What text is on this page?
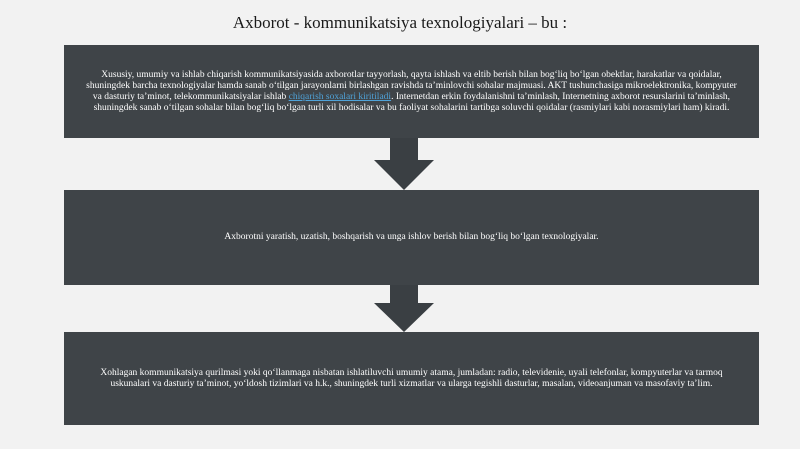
Axborot - kommunikatsiya texnologiyalari – bu :

Xususiy, umumiy va ishlab chiqarish kommunikatsiyasida axborotlar tayyorlash, qayta ishlash va eltib berish bilan bog‘liq bo‘lgan obektlar, harakatlar va qoidalar, shuningdek barcha texnologiyalar hamda sanab o‘tilgan jarayonlarni birlashgan ravishda ta’minlovchi sohalar majmuasi. AKT tushunchasiga mikroelektronika, kompyuter va dasturiy ta’minot, telekommunikatsiyalar ishlab chiqarish soxalari kiritiladi. Internetdan erkin foydalanishni ta’minlash, Internetning axborot resurslarini ta’minlash, shuningdek sanab o‘tilgan sohalar bilan bog‘liq bo‘lgan turli xil hodisalar va bu faoliyat sohalarini tartibga soluvchi qoidalar (rasmiylari kabi norasmiylari ham) kiradi.

Axborotni yaratish, uzatish, boshqarish va unga ishlov berish bilan bog‘liq bo‘lgan texnologiyalar.

Xohlagan kommunikatsiya qurilmasi yoki qo‘llanmaga nisbatan ishlatiluvchi umumiy atama, jumladan: radio, televidenie, uyali telefonlar, kompyuterlar va tarmoq uskunalari va dasturiy ta’minot, yo‘ldosh tizimlari va h.k., shuningdek turli xizmatlar va ularga tegishli dasturlar, masalan, videoanjuman va masofaviy ta’lim.
